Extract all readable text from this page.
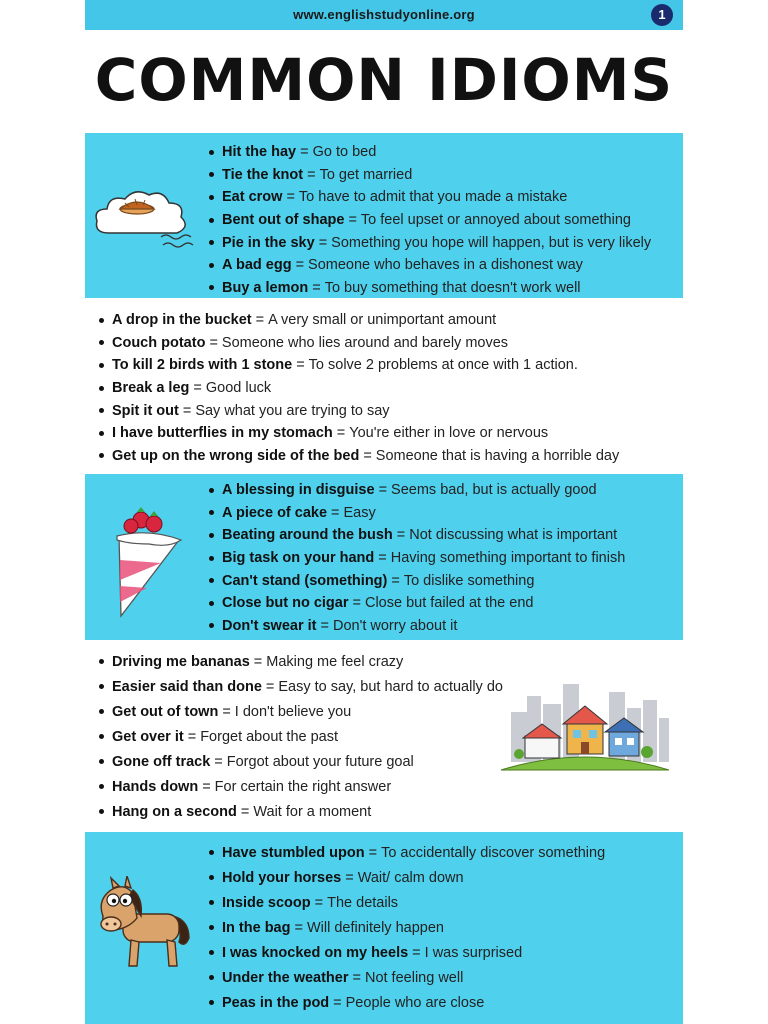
www.englishstudyonline.org	1
COMMON IDIOMS
Hit the hay = Go to bed
Tie the knot = To get married
Eat crow = To have to admit that you made a mistake
Bent out of shape = To feel upset or annoyed about something
Pie in the sky = Something you hope will happen, but is very likely
A bad egg = Someone who behaves in a dishonest way
Buy a lemon = To buy something that doesn't work well
A drop in the bucket = A very small or unimportant amount
Couch potato = Someone who lies around and barely moves
To kill 2 birds with 1 stone = To solve 2 problems at once with 1 action.
Break a leg = Good luck
Spit it out = Say what you are trying to say
I have butterflies in my stomach = You're either in love or nervous
Get up on the wrong side of the bed = Someone that is having a horrible day
A blessing in disguise = Seems bad, but is actually good
A piece of cake = Easy
Beating around the bush = Not discussing what is important
Big task on your hand = Having something important to finish
Can't stand (something) = To dislike something
Close but no cigar = Close but failed at the end
Don't swear it = Don't worry about it
Driving me bananas = Making me feel crazy
Easier said than done = Easy to say, but hard to actually do
Get out of town = I don't believe you
Get over it = Forget about the past
Gone off track = Forgot about your future goal
Hands down = For certain the right answer
Hang on a second = Wait for a moment
Have stumbled upon = To accidentally discover something
Hold your horses = Wait/ calm down
Inside scoop = The details
In the bag = Will definitely happen
I was knocked on my heels = I was surprised
Under the weather = Not feeling well
Peas in the pod = People who are close
